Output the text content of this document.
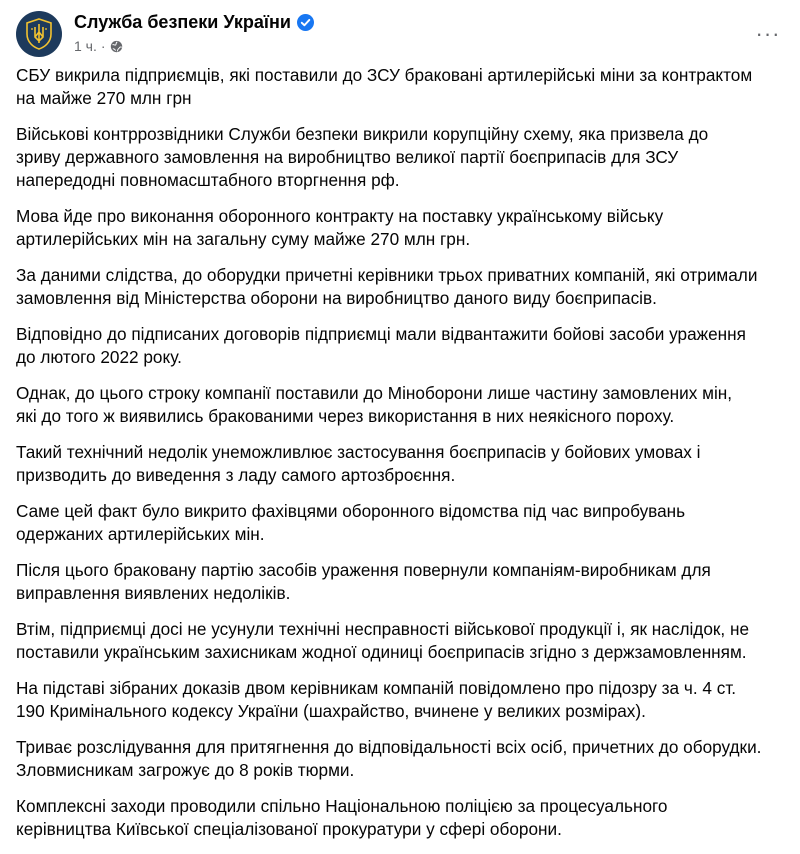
Служба безпеки України
1 ч. ·	···

СБУ викрила підприємців, які поставили до ЗСУ браковані артилерійські міни за контрактом
на майже 270 млн грн

Військові контррозвідники Служби безпеки викрили корупційну схему, яка призвела до
зриву державного замовлення на виробництво великої партії боєприпасів для ЗСУ
напередодні повномасштабного вторгнення рф.

Мова йде про виконання оборонного контракту на поставку українському війську
артилерійських мін на загальну суму майже 270 млн грн.

За даними слідства, до оборудки причетні керівники трьох приватних компаній, які отримали
замовлення від Міністерства оборони на виробництво даного виду боєприпасів.

Відповідно до підписаних договорів підприємці мали відвантажити бойові засоби ураження
до лютого 2022 року.

Однак, до цього строку компанії поставили до Міноборони лише частину замовлених мін,
які до того ж виявились бракованими через використання в них неякісного пороху.

Такий технічний недолік унеможливлює застосування боєприпасів у бойових умовах і
призводить до виведення з ладу самого артозброєння.

Саме цей факт було викрито фахівцями оборонного відомства під час випробувань
одержаних артилерійських мін.

Після цього браковану партію засобів ураження повернули компаніям-виробникам для
виправлення виявлених недоліків.

Втім, підприємці досі не усунули технічні несправності військової продукції і, як наслідок, не
поставили українським захисникам жодної одиниці боєприпасів згідно з держзамовленням.

На підставі зібраних доказів двом керівникам компаній повідомлено про підозру за ч. 4 ст.
190 Кримінального кодексу України (шахрайство, вчинене у великих розмірах).

Триває розслідування для притягнення до відповідальності всіх осіб, причетних до оборудки.
Зловмисникам загрожує до 8 років тюрми.

Комплексні заходи проводили спільно Національною поліцією за процесуального
керівництва Київської спеціалізованої прокуратури у сфері оборони.
